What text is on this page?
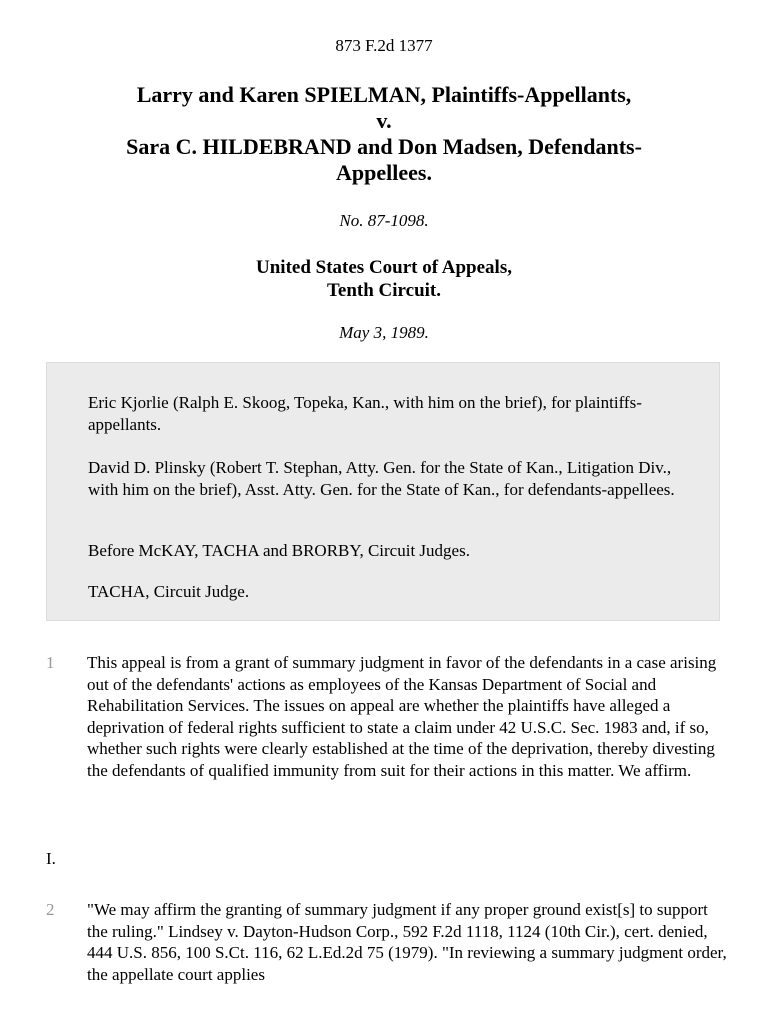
873 F.2d 1377
Larry and Karen SPIELMAN, Plaintiffs-Appellants,
v.
Sara C. HILDEBRAND and Don Madsen, Defendants-
Appellees.
No. 87-1098.
United States Court of Appeals,
Tenth Circuit.
May 3, 1989.

Eric Kjorlie (Ralph E. Skoog, Topeka, Kan., with him on the brief), for plaintiffs-appellants.

David D. Plinsky (Robert T. Stephan, Atty. Gen. for the State of Kan., Litigation Div., with him on the brief), Asst. Atty. Gen. for the State of Kan., for defendants-appellees.

Before McKAY, TACHA and BRORBY, Circuit Judges.

TACHA, Circuit Judge.

1	This appeal is from a grant of summary judgment in favor of the defendants in a case arising out of the defendants' actions as employees of the Kansas Department of Social and Rehabilitation Services. The issues on appeal are whether the plaintiffs have alleged a deprivation of federal rights sufficient to state a claim under 42 U.S.C. Sec. 1983 and, if so, whether such rights were clearly established at the time of the deprivation, thereby divesting the defendants of qualified immunity from suit for their actions in this matter. We affirm.

I.
2	"We may affirm the granting of summary judgment if any proper ground exist[s] to support the ruling." Lindsey v. Dayton-Hudson Corp., 592 F.2d 1118, 1124 (10th Cir.), cert. denied, 444 U.S. 856, 100 S.Ct. 116, 62 L.Ed.2d 75 (1979). "In reviewing a summary judgment order, the appellate court applies
